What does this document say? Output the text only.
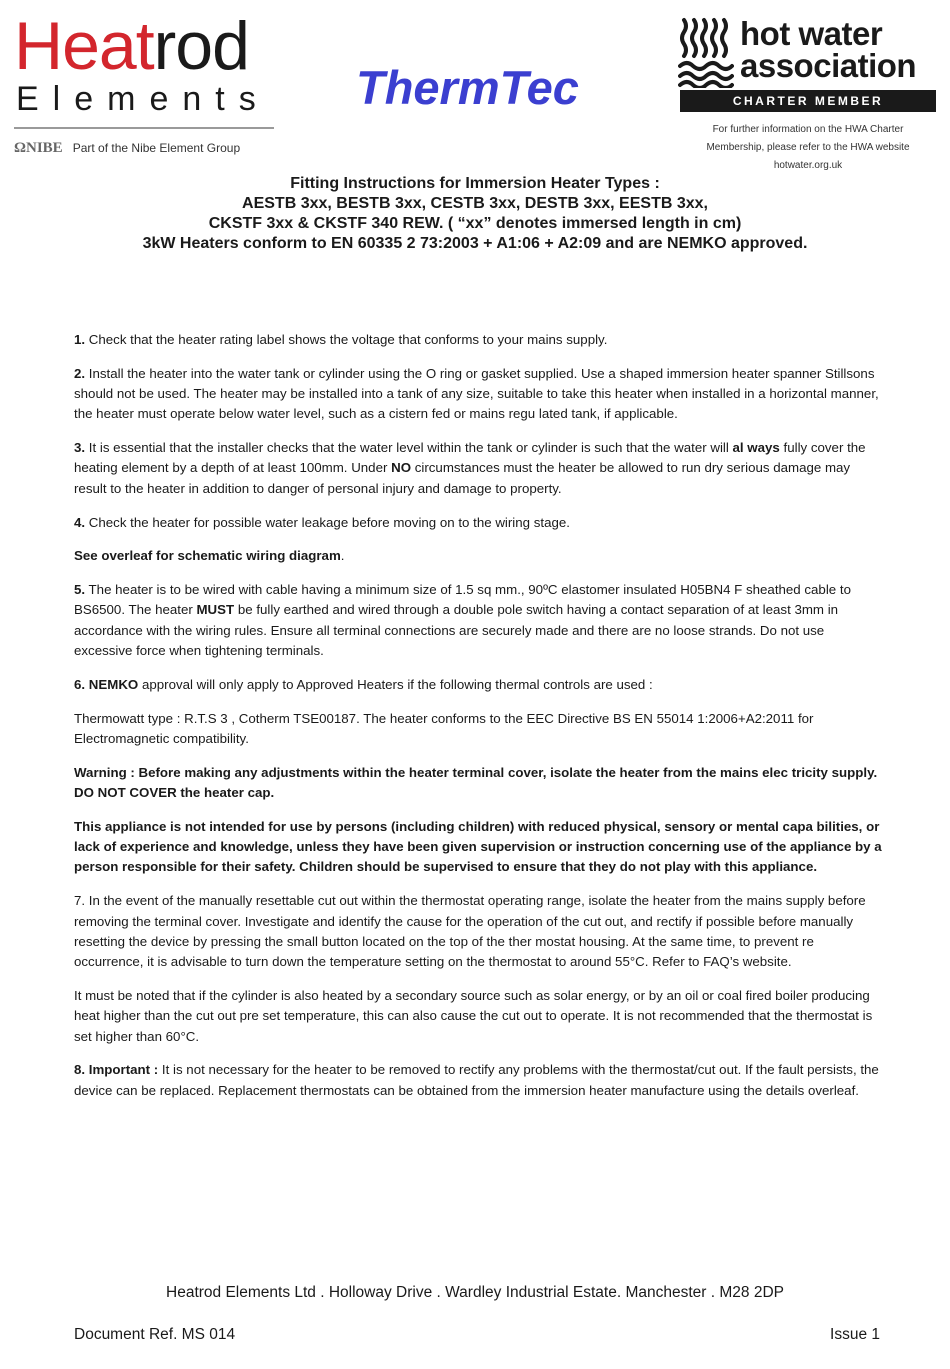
Heatrod
Elements
ΩNIBE Part of the Nibe Element Group
ThermTec
hot water
association
CHARTER MEMBER
For further information on the HWA Charter
Membership, please refer to the HWA website
hotwater.org.uk
Fitting Instructions for Immersion Heater Types :
AESTB 3xx, BESTB 3xx, CESTB 3xx, DESTB 3xx, EESTB 3xx,
CKSTF 3xx & CKSTF 340 REW. ( “xx” denotes immersed length in cm)
3kW Heaters conform to EN 60335 2 73:2003 + A1:06 + A2:09 and are NEMKO approved.

1. Check that the heater rating label shows the voltage that conforms to your mains supply.

2. Install the heater into the water tank or cylinder using the O ring or gasket supplied. Use a shaped immersion heater spanner Stillsons should not be used. The heater may be installed into a tank of any size, suitable to take this heater when installed in a horizontal manner, the heater must operate below water level, such as a cistern fed or mains regu lated tank, if applicable.

3. It is essential that the installer checks that the water level within the tank or cylinder is such that the water will al ways fully cover the heating element by a depth of at least 100mm. Under NO circumstances must the heater be allowed to run dry serious damage may result to the heater in addition to danger of personal injury and damage to property.

4. Check the heater for possible water leakage before moving on to the wiring stage.

See overleaf for schematic wiring diagram.

5. The heater is to be wired with cable having a minimum size of 1.5 sq mm., 90ºC elastomer insulated H05BN4 F sheathed cable to BS6500. The heater MUST be fully earthed and wired through a double pole switch having a contact separation of at least 3mm in accordance with the wiring rules. Ensure all terminal connections are securely made and there are no loose strands. Do not use excessive force when tightening terminals.

6. NEMKO approval will only apply to Approved Heaters if the following thermal controls are used :

Thermowatt type : R.T.S 3 , Cotherm TSE00187. The heater conforms to the EEC Directive BS EN 55014 1:2006+A2:2011 for Electromagnetic compatibility.

Warning : Before making any adjustments within the heater terminal cover, isolate the heater from the mains elec tricity supply. DO NOT COVER the heater cap.

This appliance is not intended for use by persons (including children) with reduced physical, sensory or mental capa bilities, or lack of experience and knowledge, unless they have been given supervision or instruction concerning use of the appliance by a person responsible for their safety. Children should be supervised to ensure that they do not play with this appliance.

7. In the event of the manually resettable cut out within the thermostat operating range, isolate the heater from the mains supply before removing the terminal cover. Investigate and identify the cause for the operation of the cut out, and rectify if possible before manually resetting the device by pressing the small button located on the top of the ther mostat housing. At the same time, to prevent re occurrence, it is advisable to turn down the temperature setting on the thermostat to around 55°C. Refer to FAQ’s website.

It must be noted that if the cylinder is also heated by a secondary source such as solar energy, or by an oil or coal fired boiler producing heat higher than the cut out pre set temperature, this can also cause the cut out to operate. It is not recommended that the thermostat is set higher than 60°C.

8. Important : It is not necessary for the heater to be removed to rectify any problems with the thermostat/cut out. If the fault persists, the device can be replaced. Replacement thermostats can be obtained from the immersion heater manufacture using the details overleaf.

Heatrod Elements Ltd . Holloway Drive . Wardley Industrial Estate. Manchester . M28 2DP
Document Ref. MS 014	Issue 1
